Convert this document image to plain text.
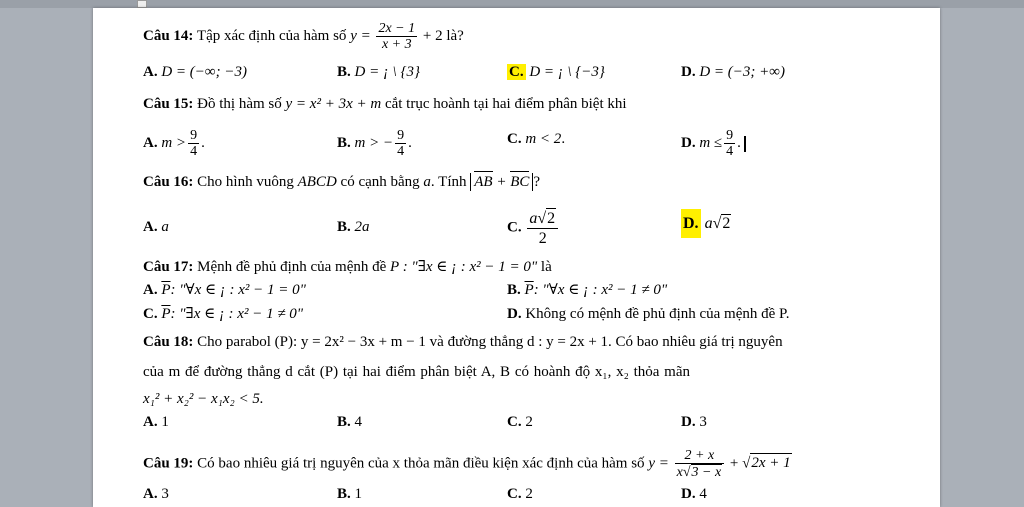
Câu 14: Tập xác định của hàm số $y = \frac{2x - 1}{x + 3} + 2$ là?
A. D = (−∞; −3)	B. D = ¡ \ {3}	C. D = ¡ \ {−3}	D. D = (−3; +∞)
Câu 15: Đồ thị hàm số y = x² + 3x + m cắt trục hoành tại hai điểm phân biệt khi
A. $m > \frac{9}{4}$ .	B. m > − $\frac{9}{4}$ .	C. m < 2.	D. $m \le \frac{9}{4}$ .
Câu 16: Cho hình vuông ABCD có cạnh bằng a. Tính AB + BC ?
A. a	B. 2a	C. $\frac{a√2}{2}$	D. a√2
Câu 17: Mệnh đề phủ định của mệnh đề P : "∃x ∈ ¡ : x² − 1 = 0" là
A. $\overline{P}$: "∀x ∈ ¡ : x² − 1 = 0"	B. $\overline{P}$: "∀x ∈ ¡ : x² − 1 ≠ 0"
C. $\overline{P}$: "∃x ∈ ¡ : x² − 1 ≠ 0"	D. Không có mệnh đề phủ định của mệnh đề P.
Câu 18: Cho parabol (P): y = 2x² − 3x + m − 1 và đường thẳng d : y = 2x + 1. Có bao nhiêu giá trị nguyên
của m để đường thẳng d cắt (P) tại hai điểm phân biệt A, B có hoành độ x₁, x₂ thỏa mãn
x₁² + x₂² − x₁x₂ < 5.
A. 1	B. 4	C. 2	D. 3
Câu 19: Có bao nhiêu giá trị nguyên của x thỏa mãn điều kiện xác định của hàm số $y = \frac{2 + x}{x√3 - x} + √2x + 1$
A. 3	B. 1	C. 2	D. 4
